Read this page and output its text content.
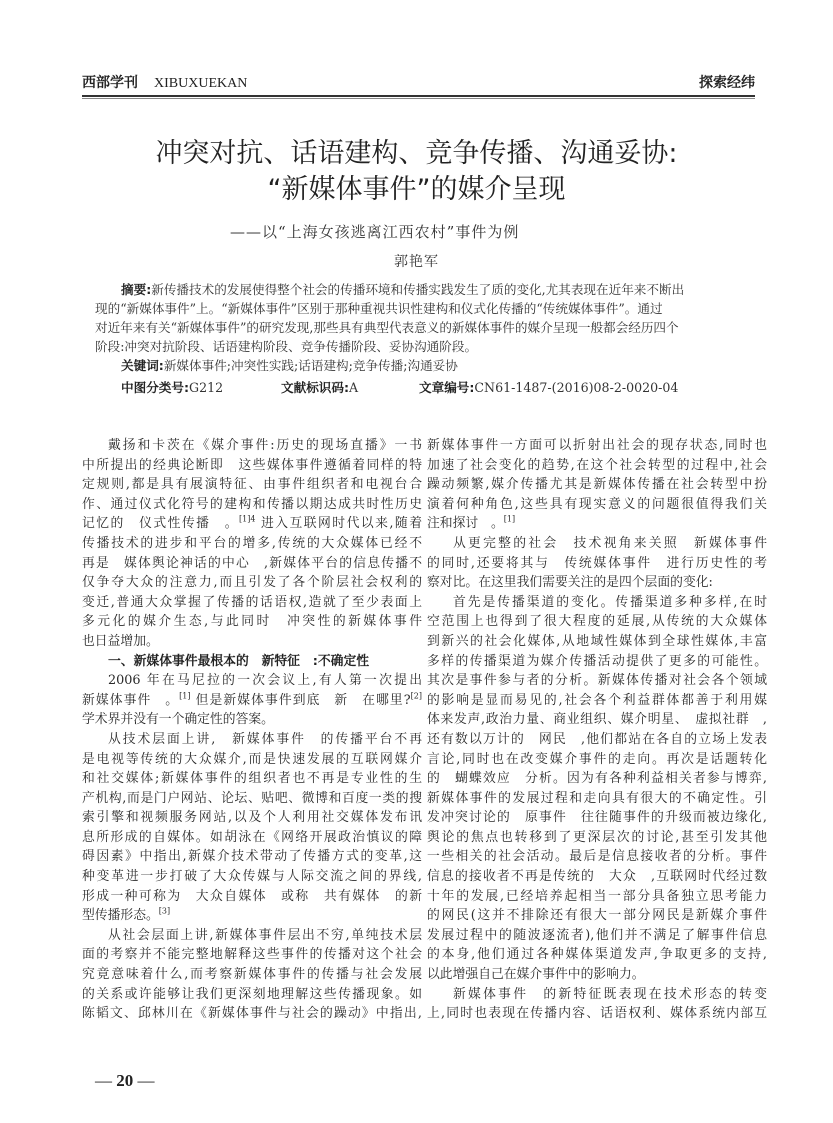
西部学刊 XIBUXUEKAN	探索经纬
冲突对抗、话语建构、竞争传播、沟通妥协:
“新媒体事件”的媒介呈现
——以“上海女孩逃离江西农村”事件为例
郭艳军
摘要:新传播技术的发展使得整个社会的传播环境和传播实践发生了质的变化,尤其表现在近年来不断出
现的“新媒体事件”上。“新媒体事件”区别于那种重视共识性建构和仪式化传播的“传统媒体事件”。通过
对近年来有关“新媒体事件”的研究发现,那些具有典型代表意义的新媒体事件的媒介呈现一般都会经历四个
阶段:冲突对抗阶段、话语建构阶段、竞争传播阶段、妥协沟通阶段。
关键词:新媒体事件;冲突性实践;话语建构;竞争传播;沟通妥协
中图分类号:G212	文献标识码:A	文章编号:CN61-1487-(2016)08-2-0020-04
戴扬和卡茨在《媒介事件:历史的现场直播》一书
中所提出的经典论断即　这些媒体事件遵循着同样的特
定规则,都是具有展演特征、由事件组织者和电视台合
作、通过仪式化符号的建构和传播以期达成共时性历史
记忆的　仪式性传播　。$^{[1]4}$ 进入互联网时代以来,随着
传播技术的进步和平台的增多,传统的大众媒体已经不
再是　媒体舆论神话的中心　,新媒体平台的信息传播不
仅争夺大众的注意力,而且引发了各个阶层社会权利的
变迁,普通大众掌握了传播的话语权,造就了至少表面上
多元化的媒介生态,与此同时　冲突性的新媒体事件
也日益增加。
一、新媒体事件最根本的　新特征　:不确定性
2006 年在马尼拉的一次会议上,有人第一次提出
新媒体事件　。[1] 但是新媒体事件到底　新　在哪里?[2]
学术界并没有一个确定性的答案。
从技术层面上讲,　新媒体事件　的传播平台不再
是电视等传统的大众媒介,而是快速发展的互联网媒介
和社交媒体;新媒体事件的组织者也不再是专业性的生
产机构,而是门户网站、论坛、贴吧、微博和百度一类的搜
索引擎和视频服务网站,以及个人利用社交媒体发布讯
息所形成的自媒体。如胡泳在《网络开展政治慎议的障
碍因素》中指出,新媒介技术带动了传播方式的变革,这
种变革进一步打破了大众传媒与人际交流之间的界线,
形成一种可称为　大众自媒体　或称　共有媒体　的新
型传播形态。[3]
从社会层面上讲,新媒体事件层出不穷,单纯技术层
面的考察并不能完整地解释这些事件的传播对这个社会
究竟意味着什么,而考察新媒体事件的传播与社会发展
的关系或许能够让我们更深刻地理解这些传播现象。如
陈韬文、邱林川在《新媒体事件与社会的躁动》中指出,
新媒体事件一方面可以折射出社会的现存状态,同时也
加速了社会变化的趋势,在这个社会转型的过程中,社会
躁动频繁,媒介传播尤其是新媒体传播在社会转型中扮
演着何种角色,这些具有现实意义的问题很值得我们关
注和探讨　。[1]
从更完整的社会　技术视角来关照　新媒体事件
的同时,还要将其与　传统媒体事件　进行历史性的考
察对比。在这里我们需要关注的是四个层面的变化:
首先是传播渠道的变化。传播渠道多种多样,在时
空范围上也得到了很大程度的延展,从传统的大众媒体
到新兴的社会化媒体,从地域性媒体到全球性媒体,丰富
多样的传播渠道为媒介传播活动提供了更多的可能性。
其次是事件参与者的分析。新媒体传播对社会各个领域
的影响是显而易见的,社会各个利益群体都善于利用媒
体来发声,政治力量、商业组织、媒介明星、　虚拟社群　,
还有数以万计的　网民　,他们都站在各自的立场上发表
言论,同时也在改变媒介事件的走向。再次是话题转化
的　蝴蝶效应　分析。因为有各种利益相关者参与博弈,
新媒体事件的发展过程和走向具有很大的不确定性。引
发冲突讨论的　原事件　往往随事件的升级而被边缘化,
舆论的焦点也转移到了更深层次的讨论,甚至引发其他
一些相关的社会活动。最后是信息接收者的分析。事件
信息的接收者不再是传统的　大众　,互联网时代经过数
十年的发展,已经培养起相当一部分具备独立思考能力
的网民(这并不排除还有很大一部分网民是新媒介事件
发展过程中的随波逐流者),他们并不满足了解事件信息
的本身,他们通过各种媒体渠道发声,争取更多的支持,
以此增强自己在媒介事件中的影响力。
新媒体事件　的新特征既表现在技术形态的转变
上,同时也表现在传播内容、话语权利、媒体系统内部互
— 20 —
